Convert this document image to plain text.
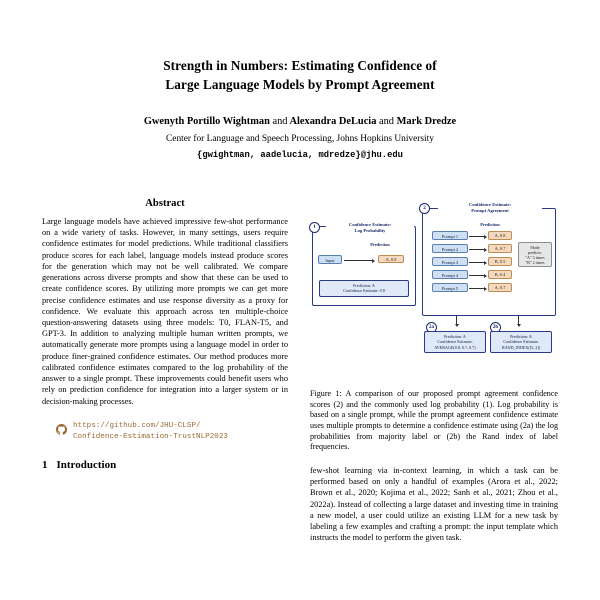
Strength in Numbers: Estimating Confidence of
Large Language Models by Prompt Agreement
Gwenyth Portillo Wightman and Alexandra DeLucia and Mark Dredze
Center for Language and Speech Processing, Johns Hopkins University
{gwightman, aadelucia, mdredze}@jhu.edu
Abstract

Large language models have achieved impressive few-shot performance on a wide variety of tasks. However, in many settings, users require confidence estimates for model predictions. While traditional classifiers produce scores for each label, language models instead produce scores for the generation which may not be well calibrated. We compare generations across diverse prompts and show that these can be used to create confidence scores. By utilizing more prompts we can get more precise confidence estimates and use response diversity as a proxy for confidence. We evaluate this approach across ten multiple-choice question-answering datasets using three models: T0, FLAN-T5, and GPT-3. In addition to analyzing multiple human written prompts, we automatically generate more prompts using a language model in order to produce finer-grained confidence estimates. Our method produces more calibrated confidence estimates compared to the log probability of the answer to a single prompt. These improvements could benefit users who rely on prediction confidence for integration into a larger system or in decision-making processes.

https://github.com/JHU-CLSP/
Confidence-Estimation-TrustNLP2023
1 Introduction
1	Confidence Estimate:
Log Probability
Prediction
Input	A, 0.8
Prediction: A
Confidence Estimate: 0.8
2
Confidence Estimate:
Prompt Agreement
Prediction
Prompt 1	A, 0.8
Prompt 2	A, 0.7
Prompt 3	B, 0.5
Prompt 4	B, 0.4
Prompt 5	A, 0.7
Mode
predicts:
"A" 3 times
"B" 2 times
2a
Prediction: A
Confidence Estimate:
AVERAGE(0.8, 0.7, 0.7)
2b
Prediction: A
Confidence Estimate:
RAND_INDEX([3, 2])
Figure 1: A comparison of our proposed prompt agreement confidence scores (2) and the commonly used log probability (1). Log probability is based on a single prompt, while the prompt agreement confidence estimate uses multiple prompts to determine a confidence estimate using (2a) the log probabilities from majority label or (2b) the Rand index of label frequencies.

few-shot learning via in-context learning, in which a task can be performed based on only a handful of examples (Arora et al., 2022; Brown et al., 2020; Kojima et al., 2022; Sanh et al., 2021; Zhou et al., 2022a). Instead of collecting a large dataset and investing time in training a new model, a user could utilize an existing LLM for a new task by labeling a few examples and crafting a prompt: the input template which instructs the model to perform the given task.
